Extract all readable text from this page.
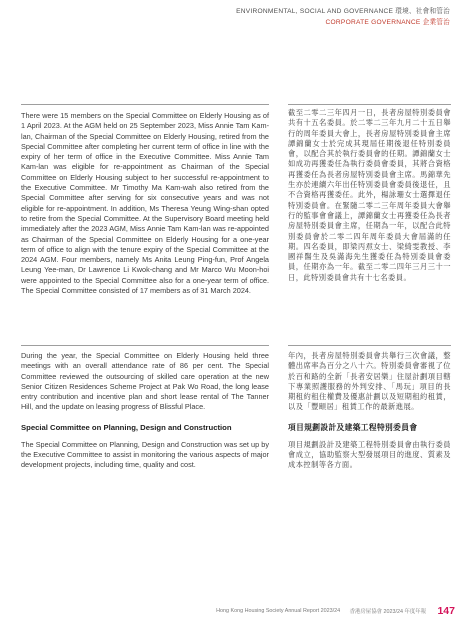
ENVIRONMENTAL, SOCIAL AND GOVERNANCE 環境、社會和管治
CORPORATE GOVERNANCE 企業管治

There were 15 members on the Special Committee on Elderly Housing as of 1 April 2023. At the AGM held on 25 September 2023, Miss Annie Tam Kam-lan, Chairman of the Special Committee on Elderly Housing, retired from the Special Committee after completing her current term of office in line with the expiry of her term of office in the Executive Committee. Miss Annie Tam Kam-lan was eligible for re-appointment as Chairman of the Special Committee on Elderly Housing subject to her successful re-appointment to the Executive Committee. Mr Timothy Ma Kam-wah also retired from the Special Committee after serving for six consecutive years and was not eligible for re-appointment. In addition, Ms Theresa Yeung Wing-shan opted to retire from the Special Committee. At the Supervisory Board meeting held immediately after the 2023 AGM, Miss Annie Tam Kam-lan was re-appointed as Chairman of the Special Committee on Elderly Housing for a one-year term of office to align with the tenure expiry of the Special Committee at the 2024 AGM. Four members, namely Ms Anita Leung Ping-fun, Prof Angela Leung Yee-man, Dr Lawrence Li Kwok-chang and Mr Marco Wu Moon-hoi were appointed to the Special Committee also for a one-year term of office. The Special Committee consisted of 17 members as of 31 March 2024.

截至二零二三年四月一日，長者房屋特別委員會共有十五名委員。於二零二三年九月二十五日舉行的周年委員大會上，長者房屋特別委員會主席譚錦蘭女士於完成其現屆任期後退任特別委員會，以配合其於執行委員會的任期。譚錦蘭女士如成功再獲委任為執行委員會委員，其將合資格再獲委任為長者房屋特別委員會主席。馬錦華先生亦於連續六年出任特別委員會委員後退任，且不合資格再獲委任。此外，楊詠珊女士選擇退任特別委員會。在緊隨二零二三年周年委員大會舉行的監事會會議上，譚錦蘭女士再獲委任為長者房屋特別委員會主席，任期為一年，以配合此特別委員會於二零二四年周年委員大會屆滿的任期。四名委員，即梁丙焄女士、梁綺雯教授、李國祥醫生及吳滿海先生獲委任為特別委員會委員，任期亦為一年。截至二零二四年三月三十一日，此特別委員會共有十七名委員。

During the year, the Special Committee on Elderly Housing held three meetings with an overall attendance rate of 86 per cent. The Special Committee reviewed the outsourcing of skilled care operation at the new Senior Citizen Residences Scheme Project at Pak Wo Road, the long lease entry contribution and incentive plan and short lease rental of The Tanner Hill, and the update on leasing progress of Blissful Place.

Special Committee on Planning, Design and Construction

The Special Committee on Planning, Design and Construction was set up by the Executive Committee to assist in monitoring the various aspects of major development projects, including time, quality and cost.

年內，長者房屋特別委員會共舉行三次會議，整體出席率為百分之八十六。特別委員會審視了位於百和路的全新「長者安居樂」住屋計劃項目轄下專業照護服務的外判安排、「馬玩」項目的長期租約租住權費及優惠計劃以及短期租約租賃，以及「豐頤居」租賃工作的最新進展。

項目規劃設計及建築工程特別委員會

項目規劃設計及建築工程特別委員會由執行委員會成立，協助監察大型發展項目的進度、質素及成本控制等各方面。

Hong Kong Housing Society Annual Report 2023/24 香港房屋協會 2023/24 年度年報 147
